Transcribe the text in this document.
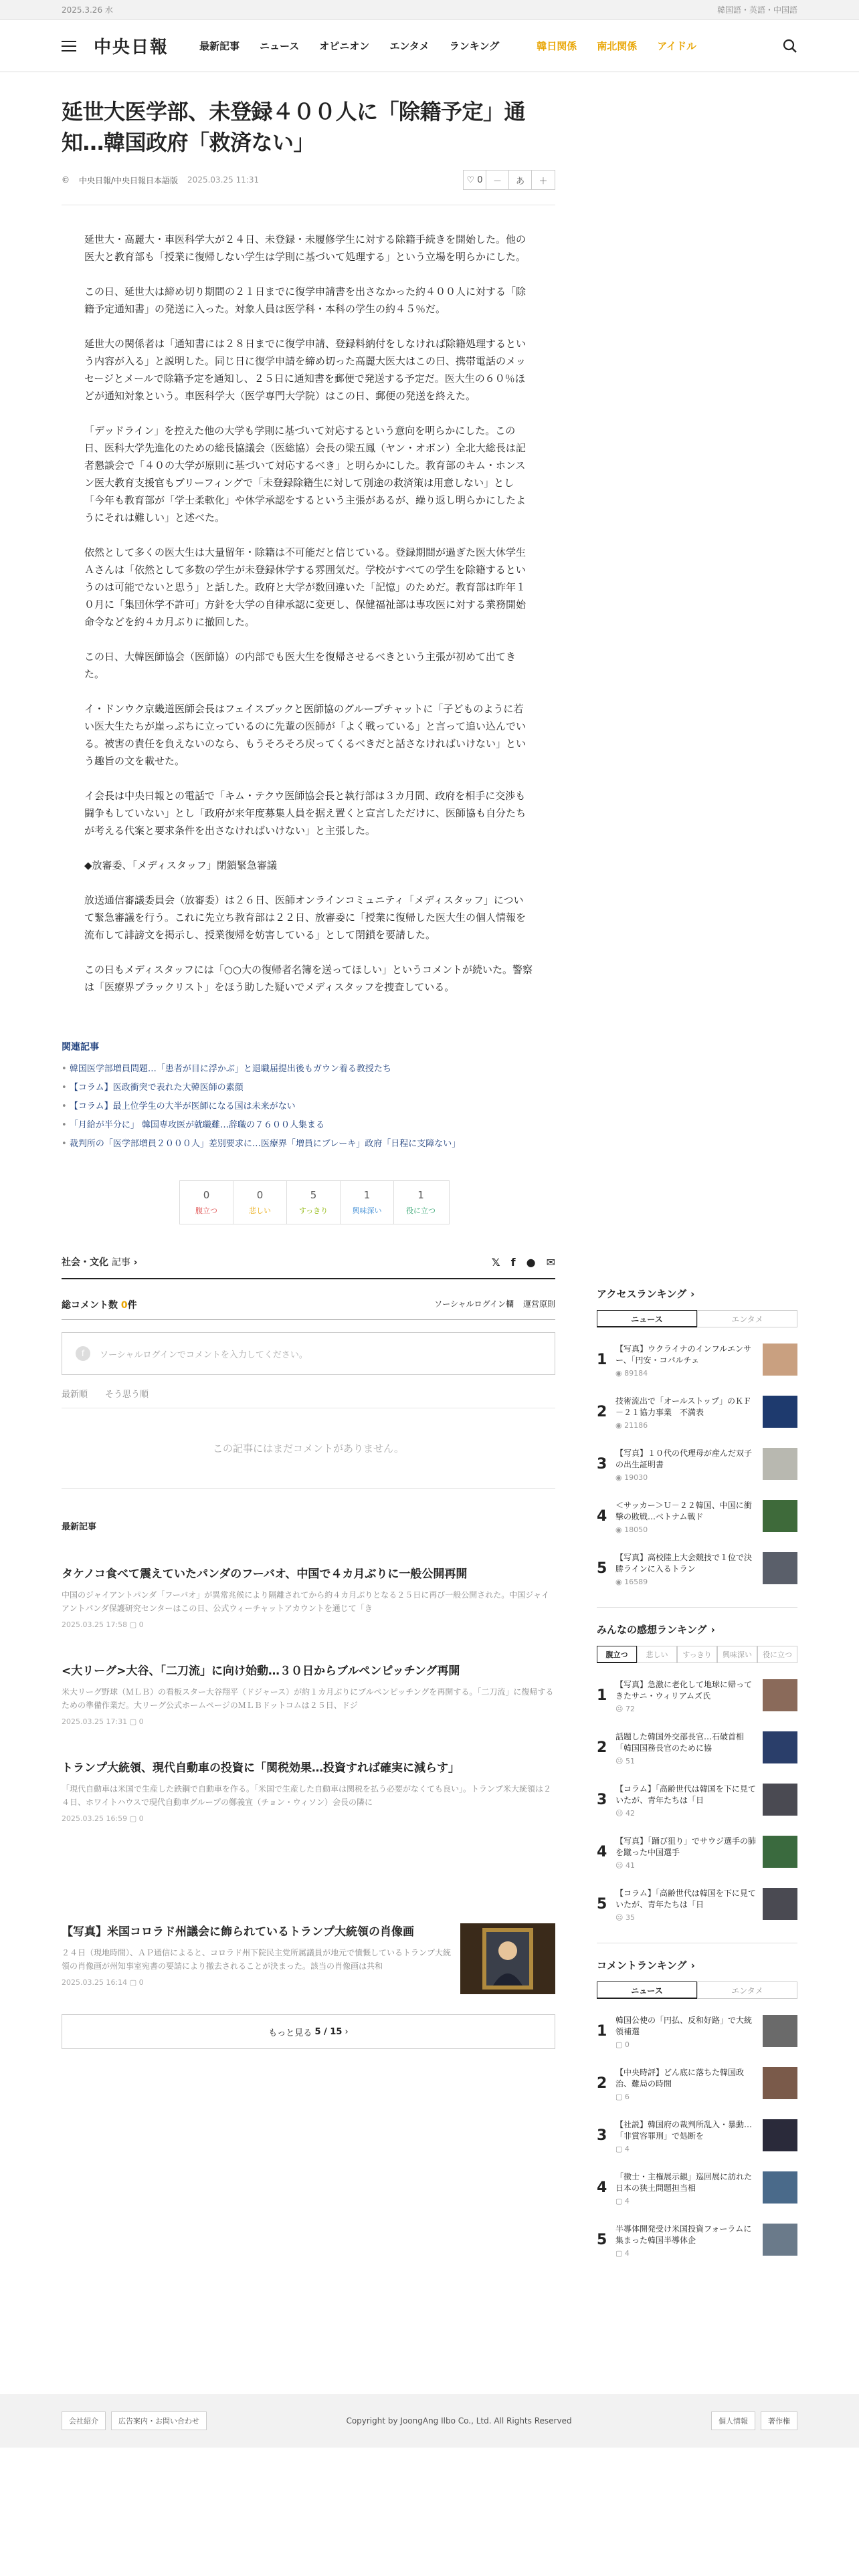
2025.3.26 水	韓国語・英語・中国語
中央日報	最新記事 ニュース オピニオン エンタメ ランキング	韓日関係 南北関係 アイドル
延世大医学部、未登録４００人に「除籍予定」通知…韓国政府「救済ない」
© 中央日報/中央日報日本語版 2025.03.25 11:31	♡
0	－	あ	＋

延世大・高麗大・車医科学大が２４日、未登録・未履修学生に対する除籍手続きを開始した。他の医大と教育部も「授業に復帰しない学生は学則に基づいて処理する」という立場を明らかにした。

この日、延世大は締め切り期間の２１日までに復学申請書を出さなかった約４００人に対する「除籍予定通知書」の発送に入った。対象人員は医学科・本科の学生の約４５％だ。

延世大の関係者は「通知書には２８日までに復学申請、登録料納付をしなければ除籍処理するという内容が入る」と説明した。同じ日に復学申請を締め切った高麗大医大はこの日、携帯電話のメッセージとメールで除籍予定を通知し、２５日に通知書を郵便で発送する予定だ。医大生の６０％ほどが通知対象という。車医科学大（医学専門大学院）はこの日、郵便の発送を終えた。

「デッドライン」を控えた他の大学も学則に基づいて対応するという意向を明らかにした。この日、医科大学先進化のための総長協議会（医総協）会長の梁五鳳（ヤン・オボン）全北大総長は記者懇談会で「４０の大学が原則に基づいて対応するべき」と明らかにした。教育部のキム・ホンスン医大教育支援官もブリーフィングで「未登録除籍生に対して別途の救済策は用意しない」とし「今年も教育部が「学士柔軟化」や休学承認をするという主張があるが、繰り返し明らかにしたようにそれは難しい」と述べた。

依然として多くの医大生は大量留年・除籍は不可能だと信じている。登録期間が過ぎた医大休学生Ａさんは「依然として多数の学生が未登録休学する雰囲気だ。学校がすべての学生を除籍するというのは可能でないと思う」と話した。政府と大学が数回違いた「記憶」のためだ。教育部は昨年１０月に「集団休学不許可」方針を大学の自律承認に変更し、保健福祉部は専攻医に対する業務開始命令などを約４カ月ぶりに撤回した。

この日、大韓医師協会（医師協）の内部でも医大生を復帰させるべきという主張が初めて出てきた。

イ・ドンウク京畿道医師会長はフェイスブックと医師協のグループチャットに「子どものように若い医大生たちが崖っぷちに立っているのに先輩の医師が「よく戦っている」と言って追い込んでいる。被害の責任を負えないのなら、もうそろそろ戻ってくるべきだと話さなければいけない」という趣旨の文を載せた。

イ会長は中央日報との電話で「キム・テクウ医師協会長と執行部は３カ月間、政府を相手に交渉も闘争もしていない」とし「政府が来年度募集人員を据え置くと宣言しただけに、医師協も自分たちが考える代案と要求条件を出さなければいけない」と主張した。

◆放審委、「メディスタッフ」閉鎖緊急審議

放送通信審議委員会（放審委）は２６日、医師オンラインコミュニティ「メディスタッフ」について緊急審議を行う。これに先立ち教育部は２２日、放審委に「授業に復帰した医大生の個人情報を流布して誹謗文を掲示し、授業復帰を妨害している」として閉鎖を要請した。

この日もメディスタッフには「○○大の復帰者名簿を送ってほしい」というコメントが続いた。警察は「医療界ブラックリスト」をほう助した疑いでメディスタッフを捜査している。

関連記事
• 韓国医学部増員問題…「患者が目に浮かぶ」と退職届提出後もガウン着る教授たち
• 【コラム】医政衝突で表れた大韓医師の素顔
• 【コラム】最上位学生の大半が医師になる国は未来がない
• 「月給が半分に」 韓国専攻医が就職難…辞職の７６００人集まる
• 裁判所の「医学部増員２０００人」差別要求に…医療界「増員にブレーキ」政府「日程に支障ない」
0
腹立つ
0
悲しい
5
すっきり
1
興味深い
1
役に立つ
社会・文化 記事 ›	𝕏 f ● ✉
総コメント数 0件	ソーシャルログイン欄 運営原則
f	ソーシャルログインでコメントを入力してください。
最新順 そう思う順
この記事にはまだコメントがありません。
最新記事
タケノコ食べて震えていたパンダのフーバオ、中国で４カ月ぶりに一般公開再開
中国のジャイアントパンダ「フーバオ」が異常兆候により隔離されてから約４カ月ぶりとなる２５日に再び一般公開された。中国ジャイアントパンダ保護研究センターはこの日、公式ウィーチャットアカウントを通じて「き
2025.03.25 17:58 ▢ 0
<大リーグ>大谷、「二刀流」に向け始動…３０日からブルペンピッチング再開
米大リーグ野球（ＭＬＢ）の看板スター大谷翔平（ドジャース）が約１カ月ぶりにブルペンピッチングを再開する。「二刀流」に復帰するための準備作業だ。大リーグ公式ホームページのＭＬＢドットコムは２５日、ドジ
2025.03.25 17:31 ▢ 0
トランプ大統領、現代自動車の投資に「関税効果…投資すれば確実に減らす」
「現代自動車は米国で生産した鉄鋼で自動車を作る。「米国で生産した自動車は関税を払う必要がなくても良い」。トランプ米大統領は２４日、ホワイトハウスで現代自動車グループの鄭義宣（チョン・ウィソン）会長の隣に
2025.03.25 16:59 ▢ 0
【写真】米国コロラド州議会に飾られているトランプ大統領の肖像画
２４日（現地時間）、ＡＰ通信によると、コロラド州下院民主党所属議員が地元で憤慨しているトランプ大統領の肖像画が州知事室宛書の要請により撤去されることが決まった。該当の肖像画は共和
2025.03.25 16:14 ▢ 0
もっと見る
5 / 15
›
アクセスランキング ›
ニュース	エンタメ
1
【写真】ウクライナのインフルエンサー、「円安・コパルチェ
◉ 89184
2
技術流出で「オールストップ」のＫＦ－２１協力事業　不満表
◉ 21186
3
【写真】１０代の代理母が産んだ双子の出生証明書
◉ 19030
4
＜サッカー＞Ｕ－２２韓国、中国に衝撃の敗戦…ベトナム戦ド
◉ 18050
5
【写真】高校陸上大会競技で１位で決勝ラインに入るトラン
◉ 16589
みんなの感想ランキング ›
腹立つ	悲しい	すっきり	興味深い	役に立つ
1
【写真】急激に老化して地球に帰ってきたサニ・ウィリアムズ氏
☹ 72
2
話題した韓国外交部長官…石破首相「韓国国務長官のために協
☹ 51
3
【コラム】「高齢世代は韓国を下に見ていたが、青年たちは「日
☹ 42
4
【写真】「踊び狙り」でサウジ選手の肺を蹴った中国選手
☹ 41
5
【コラム】「高齢世代は韓国を下に見ていたが、青年たちは「日
☹ 35
コメントランキング ›
ニュース	エンタメ
1
韓国公使の「円払、反和好路」で大統領補選
▢ 0
2
【中央時評】どん底に落ちた韓国政治、難局の時間
▢ 6
3
【社説】韓国府の裁判所乱入・暴動…「非賞容罪刑」で処断を
▢ 4
4
「徴士・主権展示観」巡回展に訪れた日本の狭土問題担当相
▢ 4
5
半導体開発受け米国投資フォーラムに集まった韓国半導体企
▢ 4
会社紹介	広告案内・お問い合わせ	Copyright by JoongAng Ilbo Co., Ltd. All Rights Reserved	個人情報	著作権
